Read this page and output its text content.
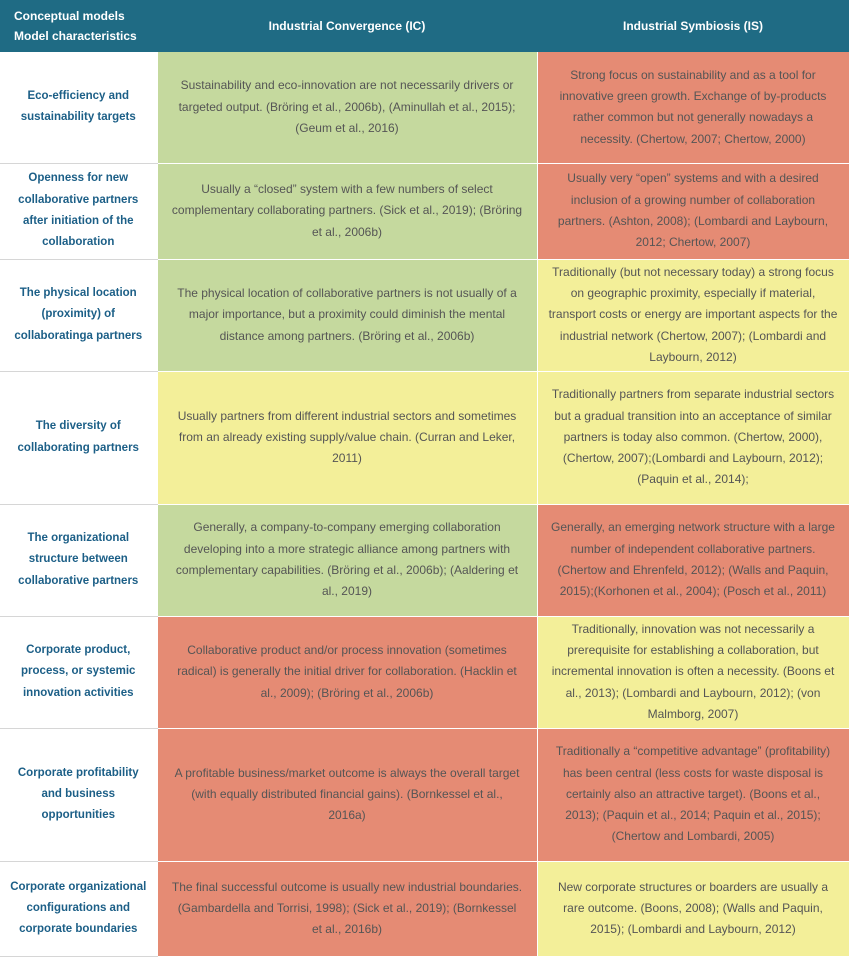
Conceptual models
Model characteristics	Industrial Convergence (IC)	Industrial Symbiosis (IS)
Eco-efficiency and sustainability targets	Sustainability and eco-innovation are not necessarily drivers or targeted output. (Bröring et al., 2006b), (Aminullah et al., 2015); (Geum et al., 2016)	Strong focus on sustainability and as a tool for innovative green growth. Exchange of by-products rather common but not generally nowadays a necessity. (Chertow, 2007; Chertow, 2000)
Openness for new collaborative partners after initiation of the collaboration	Usually a “closed” system with a few numbers of select complementary collaborating partners. (Sick et al., 2019); (Bröring et al., 2006b)	Usually very “open” systems and with a desired inclusion of a growing number of collaboration partners. (Ashton, 2008); (Lombardi and Laybourn, 2012; Chertow, 2007)
The physical location (proximity) of collaboratinga partners	The physical location of collaborative partners is not usually of a major importance, but a proximity could diminish the mental distance among partners. (Bröring et al., 2006b)	Traditionally (but not necessary today) a strong focus on geographic proximity, especially if material, transport costs or energy are important aspects for the industrial network (Chertow, 2007); (Lombardi and Laybourn, 2012)
The diversity of collaborating partners	Usually partners from different industrial sectors and sometimes from an already existing supply/value chain. (Curran and Leker, 2011)	Traditionally partners from separate industrial sectors but a gradual transition into an acceptance of similar partners is today also common. (Chertow, 2000), (Chertow, 2007);(Lombardi and Laybourn, 2012);(Paquin et al., 2014);
The organizational structure between collaborative partners	Generally, a company-to-company emerging collaboration developing into a more strategic alliance among partners with complementary capabilities. (Bröring et al., 2006b); (Aaldering et al., 2019)	Generally, an emerging network structure with a large number of independent collaborative partners. (Chertow and Ehrenfeld, 2012); (Walls and Paquin, 2015);(Korhonen et al., 2004); (Posch et al., 2011)
Corporate product, process, or systemic innovation activities	Collaborative product and/or process innovation (sometimes radical) is generally the initial driver for collaboration. (Hacklin et al., 2009); (Bröring et al., 2006b)	Traditionally, innovation was not necessarily a prerequisite for establishing a collaboration, but incremental innovation is often a necessity. (Boons et al., 2013); (Lombardi and Laybourn, 2012); (von Malmborg, 2007)
Corporate profitability and business opportunities	A profitable business/market outcome is always the overall target (with equally distributed financial gains). (Bornkessel et al., 2016a)	Traditionally a “competitive advantage” (profitability) has been central (less costs for waste disposal is certainly also an attractive target). (Boons et al., 2013); (Paquin et al., 2014; Paquin et al., 2015); (Chertow and Lombardi, 2005)
Corporate organizational configurations and corporate boundaries	The final successful outcome is usually new industrial boundaries. (Gambardella and Torrisi, 1998); (Sick et al., 2019); (Bornkessel et al., 2016b)	New corporate structures or boarders are usually a rare outcome. (Boons, 2008); (Walls and Paquin, 2015); (Lombardi and Laybourn, 2012)
